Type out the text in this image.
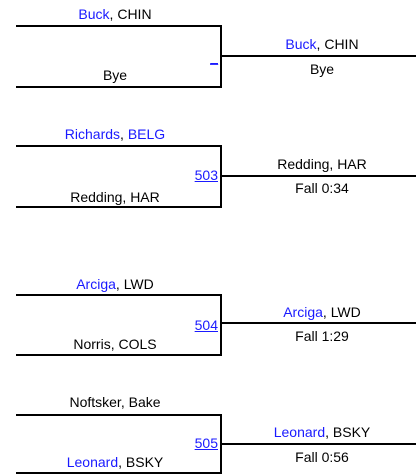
Buck, CHIN
Bye
_
Buck, CHIN
Bye
Richards, BELG
Redding, HAR
503
Redding, HAR
Fall 0:34
Arciga, LWD
Norris, COLS
504
Arciga, LWD
Fall 1:29
Noftsker, Bake
Leonard, BSKY
505
Leonard, BSKY
Fall 0:56
